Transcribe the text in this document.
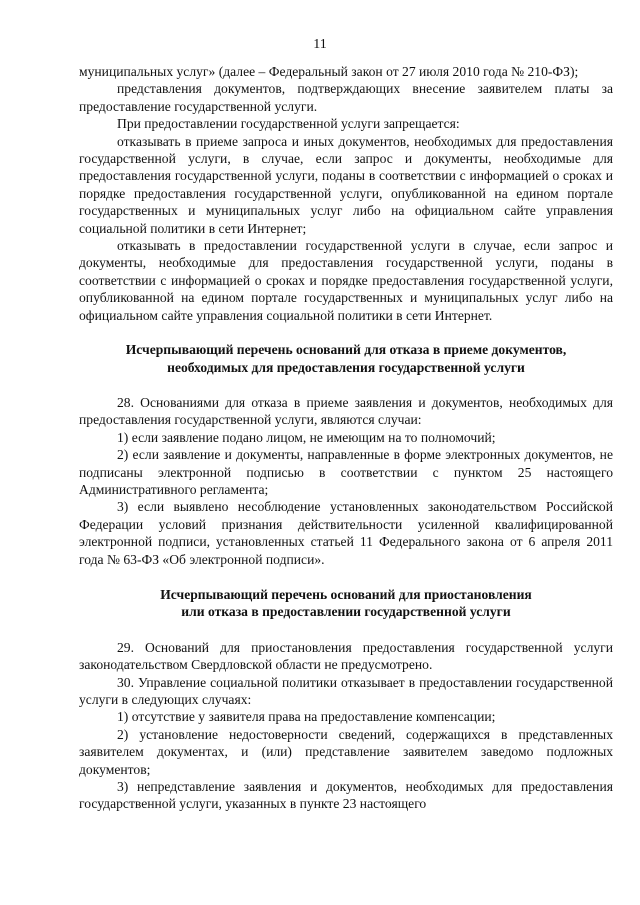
11

муниципальных услуг» (далее – Федеральный закон от 27 июля 2010 года № 210-ФЗ);

представления документов, подтверждающих внесение заявителем платы за предоставление государственной услуги.

При предоставлении государственной услуги запрещается:

отказывать в приеме запроса и иных документов, необходимых для предоставления государственной услуги, в случае, если запрос и документы, необходимые для предоставления государственной услуги, поданы в соответствии с информацией о сроках и порядке предоставления государственной услуги, опубликованной на едином портале государственных и муниципальных услуг либо на официальном сайте управления социальной политики в сети Интернет;

отказывать в предоставлении государственной услуги в случае, если запрос и документы, необходимые для предоставления государственной услуги, поданы в соответствии с информацией о сроках и порядке предоставления государственной услуги, опубликованной на едином портале государственных и муниципальных услуг либо на официальном сайте управления социальной политики в сети Интернет.

Исчерпывающий перечень оснований для отказа в приеме документов,
необходимых для предоставления государственной услуги

28. Основаниями для отказа в приеме заявления и документов, необходимых для предоставления государственной услуги, являются случаи:

1) если заявление подано лицом, не имеющим на то полномочий;

2) если заявление и документы, направленные в форме электронных документов, не подписаны электронной подписью в соответствии с пунктом 25 настоящего Административного регламента;

3) если выявлено несоблюдение установленных законодательством Российской Федерации условий признания действительности усиленной квалифицированной электронной подписи, установленных статьей 11 Федерального закона от 6 апреля 2011 года № 63-ФЗ «Об электронной подписи».

Исчерпывающий перечень оснований для приостановления
или отказа в предоставлении государственной услуги

29. Оснований для приостановления предоставления государственной услуги законодательством Свердловской области не предусмотрено.

30. Управление социальной политики отказывает в предоставлении государственной услуги в следующих случаях:

1) отсутствие у заявителя права на предоставление компенсации;

2) установление недостоверности сведений, содержащихся в представленных заявителем документах, и (или) представление заявителем заведомо подложных документов;

3) непредставление заявления и документов, необходимых для предоставления государственной услуги, указанных в пункте 23 настоящего
